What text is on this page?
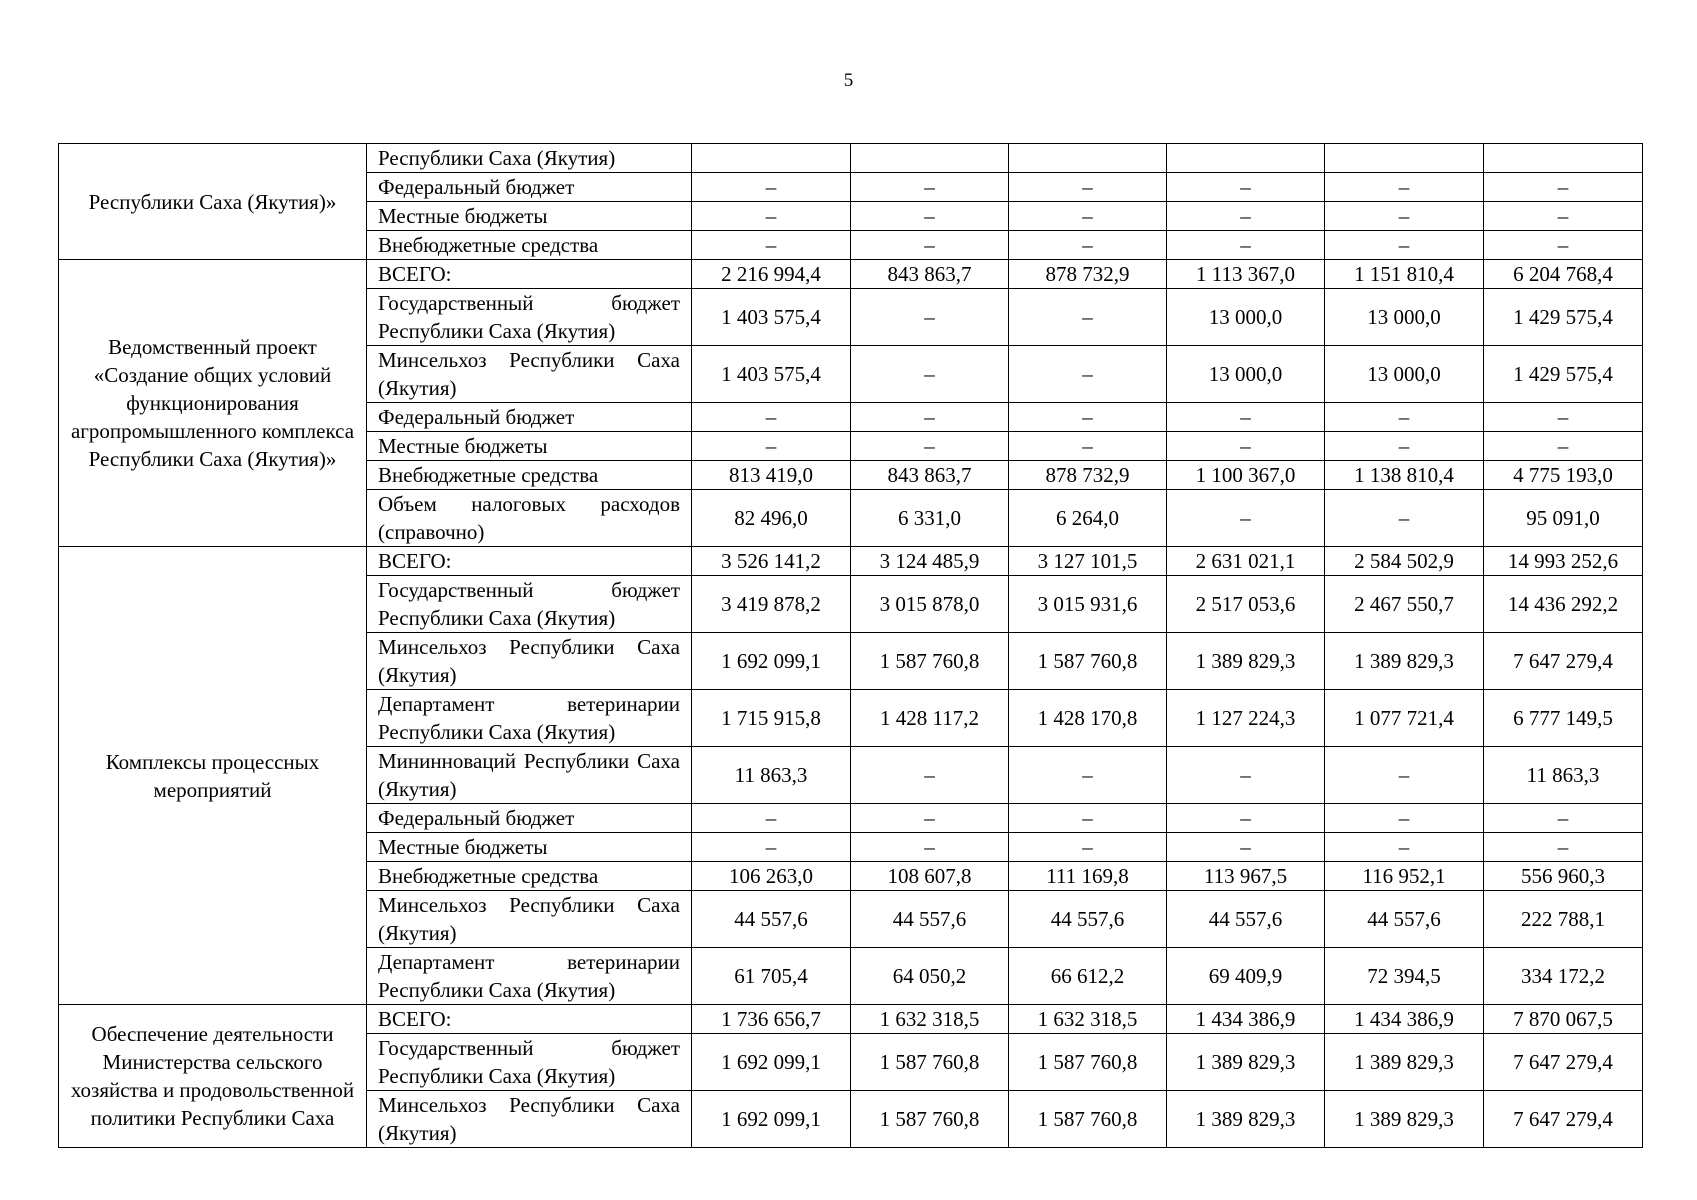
5
Республики Саха (Якутия)»	Республики Саха (Якутия)						
	Федеральный бюджет	–	–	–	–	–	–
	Местные бюджеты	–	–	–	–	–	–
	Внебюджетные средства	–	–	–	–	–	–
Ведомственный проект «Создание общих условий функционирования агропромышленного комплекса Республики Саха (Якутия)»	ВСЕГО:	2 216 994,4	843 863,7	878 732,9	1 113 367,0	1 151 810,4	6 204 768,4
	Государственный бюджет Республики Саха (Якутия)	1 403 575,4	–	–	13 000,0	13 000,0	1 429 575,4
	Минсельхоз Республики Саха (Якутия)	1 403 575,4	–	–	13 000,0	13 000,0	1 429 575,4
	Федеральный бюджет	–	–	–	–	–	–
	Местные бюджеты	–	–	–	–	–	–
	Внебюджетные средства	813 419,0	843 863,7	878 732,9	1 100 367,0	1 138 810,4	4 775 193,0
	Объем налоговых расходов (справочно)	82 496,0	6 331,0	6 264,0	–	–	95 091,0
Комплексы процессных мероприятий	ВСЕГО:	3 526 141,2	3 124 485,9	3 127 101,5	2 631 021,1	2 584 502,9	14 993 252,6
	Государственный бюджет Республики Саха (Якутия)	3 419 878,2	3 015 878,0	3 015 931,6	2 517 053,6	2 467 550,7	14 436 292,2
	Минсельхоз Республики Саха (Якутия)	1 692 099,1	1 587 760,8	1 587 760,8	1 389 829,3	1 389 829,3	7 647 279,4
	Департамент ветеринарии Республики Саха (Якутия)	1 715 915,8	1 428 117,2	1 428 170,8	1 127 224,3	1 077 721,4	6 777 149,5
	Мининноваций Республики Саха (Якутия)	11 863,3	–	–	–	–	11 863,3
	Федеральный бюджет	–	–	–	–	–	–
	Местные бюджеты	–	–	–	–	–	–
	Внебюджетные средства	106 263,0	108 607,8	111 169,8	113 967,5	116 952,1	556 960,3
	Минсельхоз Республики Саха (Якутия)	44 557,6	44 557,6	44 557,6	44 557,6	44 557,6	222 788,1
	Департамент ветеринарии Республики Саха (Якутия)	61 705,4	64 050,2	66 612,2	69 409,9	72 394,5	334 172,2
Обеспечение деятельности Министерства сельского хозяйства и продовольственной политики Республики Саха	ВСЕГО:	1 736 656,7	1 632 318,5	1 632 318,5	1 434 386,9	1 434 386,9	7 870 067,5
	Государственный бюджет Республики Саха (Якутия)	1 692 099,1	1 587 760,8	1 587 760,8	1 389 829,3	1 389 829,3	7 647 279,4
	Минсельхоз Республики Саха (Якутия)	1 692 099,1	1 587 760,8	1 587 760,8	1 389 829,3	1 389 829,3	7 647 279,4
